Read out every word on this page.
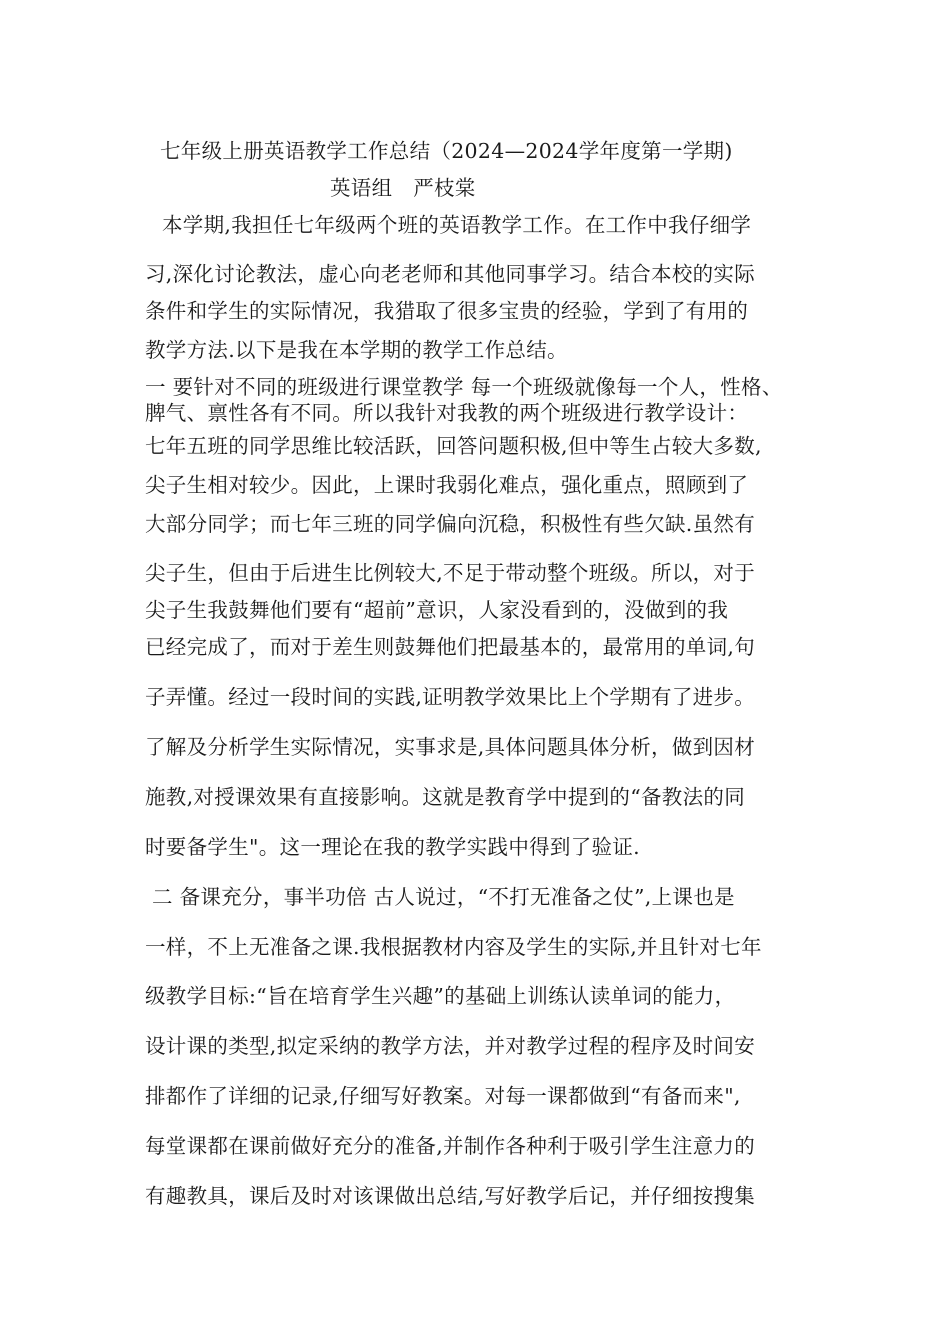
七年级上册英语教学工作总结（2024—2024学年度第一学期)
英语组　严枝棠
本学期,我担任七年级两个班的英语教学工作。在工作中我仔细学
习,深化讨论教法，虚心向老老师和其他同事学习。结合本校的实际
条件和学生的实际情况，我猎取了很多宝贵的经验，学到了有用的
教学方法.以下是我在本学期的教学工作总结。
一 要针对不同的班级进行课堂教学 每一个班级就像每一个人，性格、
脾气、禀性各有不同。所以我针对我教的两个班级进行教学设计：
七年五班的同学思维比较活跃，回答问题积极,但中等生占较大多数,
尖子生相对较少。因此，上课时我弱化难点，强化重点，照顾到了
大部分同学；而七年三班的同学偏向沉稳，积极性有些欠缺.虽然有
尖子生，但由于后进生比例较大,不足于带动整个班级。所以，对于
尖子生我鼓舞他们要有“超前”意识，人家没看到的，没做到的我
已经完成了，而对于差生则鼓舞他们把最基本的，最常用的单词,句
子弄懂。经过一段时间的实践,证明教学效果比上个学期有了进步。
了解及分析学生实际情况，实事求是,具体问题具体分析，做到因材
施教,对授课效果有直接影响。这就是教育学中提到的“备教法的同
时要备学生"。这一理论在我的教学实践中得到了验证.
二 备课充分，事半功倍 古人说过，“不打无准备之仗”,上课也是
一样，不上无准备之课.我根据教材内容及学生的实际,并且针对七年
级教学目标:“旨在培育学生兴趣”的基础上训练认读单词的能力，
设计课的类型,拟定采纳的教学方法，并对教学过程的程序及时间安
排都作了详细的记录,仔细写好教案。对每一课都做到“有备而来",
每堂课都在课前做好充分的准备,并制作各种利于吸引学生注意力的
有趣教具，课后及时对该课做出总结,写好教学后记，并仔细按搜集
